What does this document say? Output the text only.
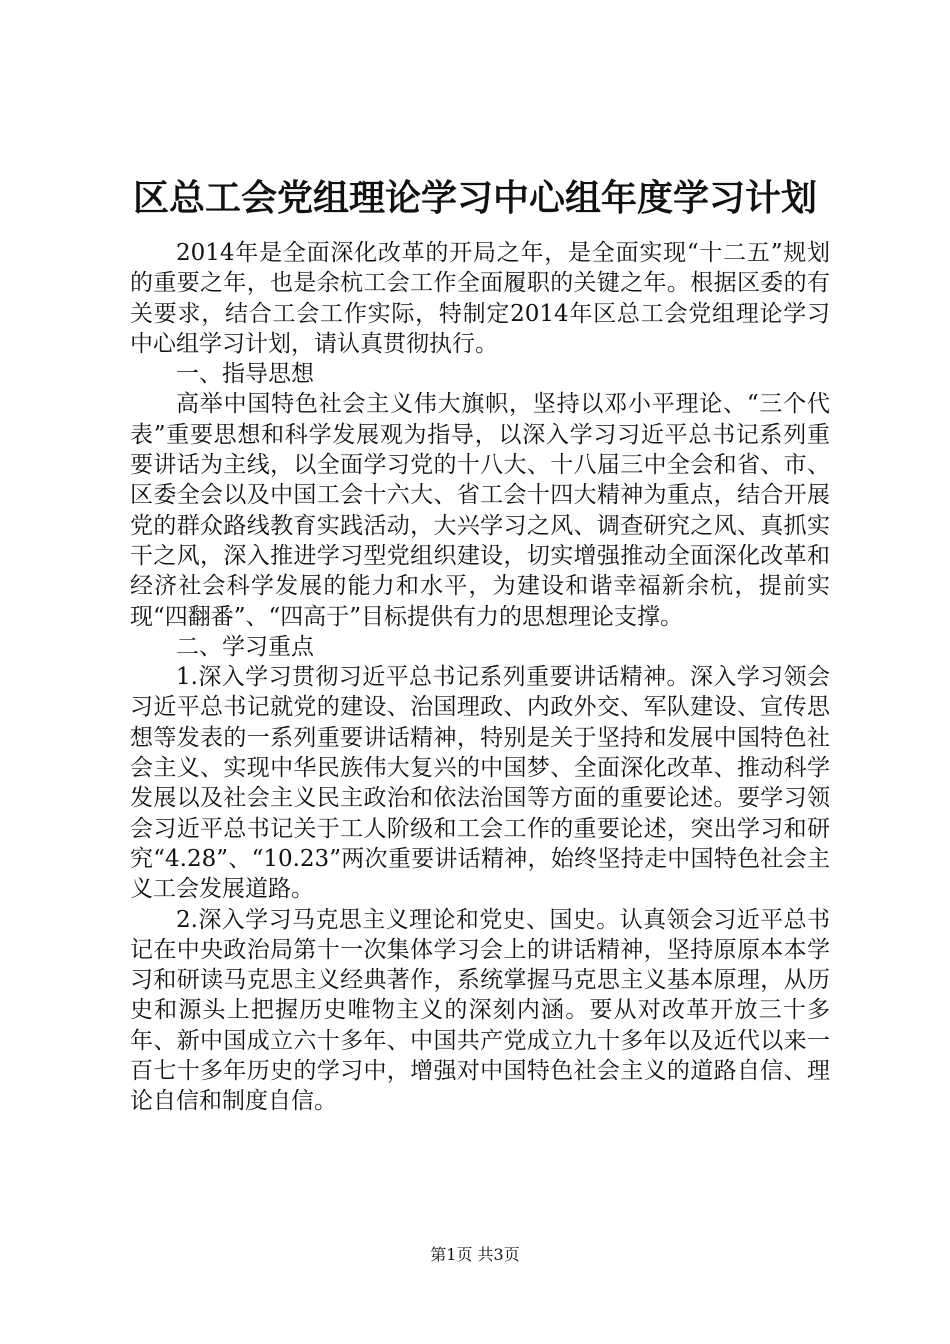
区总工会党组理论学习中心组年度学习计划

2014年是全面深化改革的开局之年，是全面实现“十二五”规划的重要之年，也是余杭工会工作全面履职的关键之年。根据区委的有关要求，结合工会工作实际，特制定2014年区总工会党组理论学习中心组学习计划，请认真贯彻执行。

一、指导思想

高举中国特色社会主义伟大旗帜，坚持以邓小平理论、“三个代表”重要思想和科学发展观为指导，以深入学习习近平总书记系列重要讲话为主线，以全面学习党的十八大、十八届三中全会和省、市、区委全会以及中国工会十六大、省工会十四大精神为重点，结合开展党的群众路线教育实践活动，大兴学习之风、调查研究之风、真抓实干之风，深入推进学习型党组织建设，切实增强推动全面深化改革和经济社会科学发展的能力和水平，为建设和谐幸福新余杭，提前实现“四翻番”、“四高于”目标提供有力的思想理论支撑。

二、学习重点

1.深入学习贯彻习近平总书记系列重要讲话精神。深入学习领会习近平总书记就党的建设、治国理政、内政外交、军队建设、宣传思想等发表的一系列重要讲话精神，特别是关于坚持和发展中国特色社会主义、实现中华民族伟大复兴的中国梦、全面深化改革、推动科学发展以及社会主义民主政治和依法治国等方面的重要论述。要学习领会习近平总书记关于工人阶级和工会工作的重要论述，突出学习和研究“4.28”、“10.23”两次重要讲话精神，始终坚持走中国特色社会主义工会发展道路。

2.深入学习马克思主义理论和党史、国史。认真领会习近平总书记在中央政治局第十一次集体学习会上的讲话精神，坚持原原本本学习和研读马克思主义经典著作，系统掌握马克思主义基本原理，从历史和源头上把握历史唯物主义的深刻内涵。要从对改革开放三十多年、新中国成立六十多年、中国共产党成立九十多年以及近代以来一百七十多年历史的学习中，增强对中国特色社会主义的道路自信、理论自信和制度自信。

第1页 共3页
